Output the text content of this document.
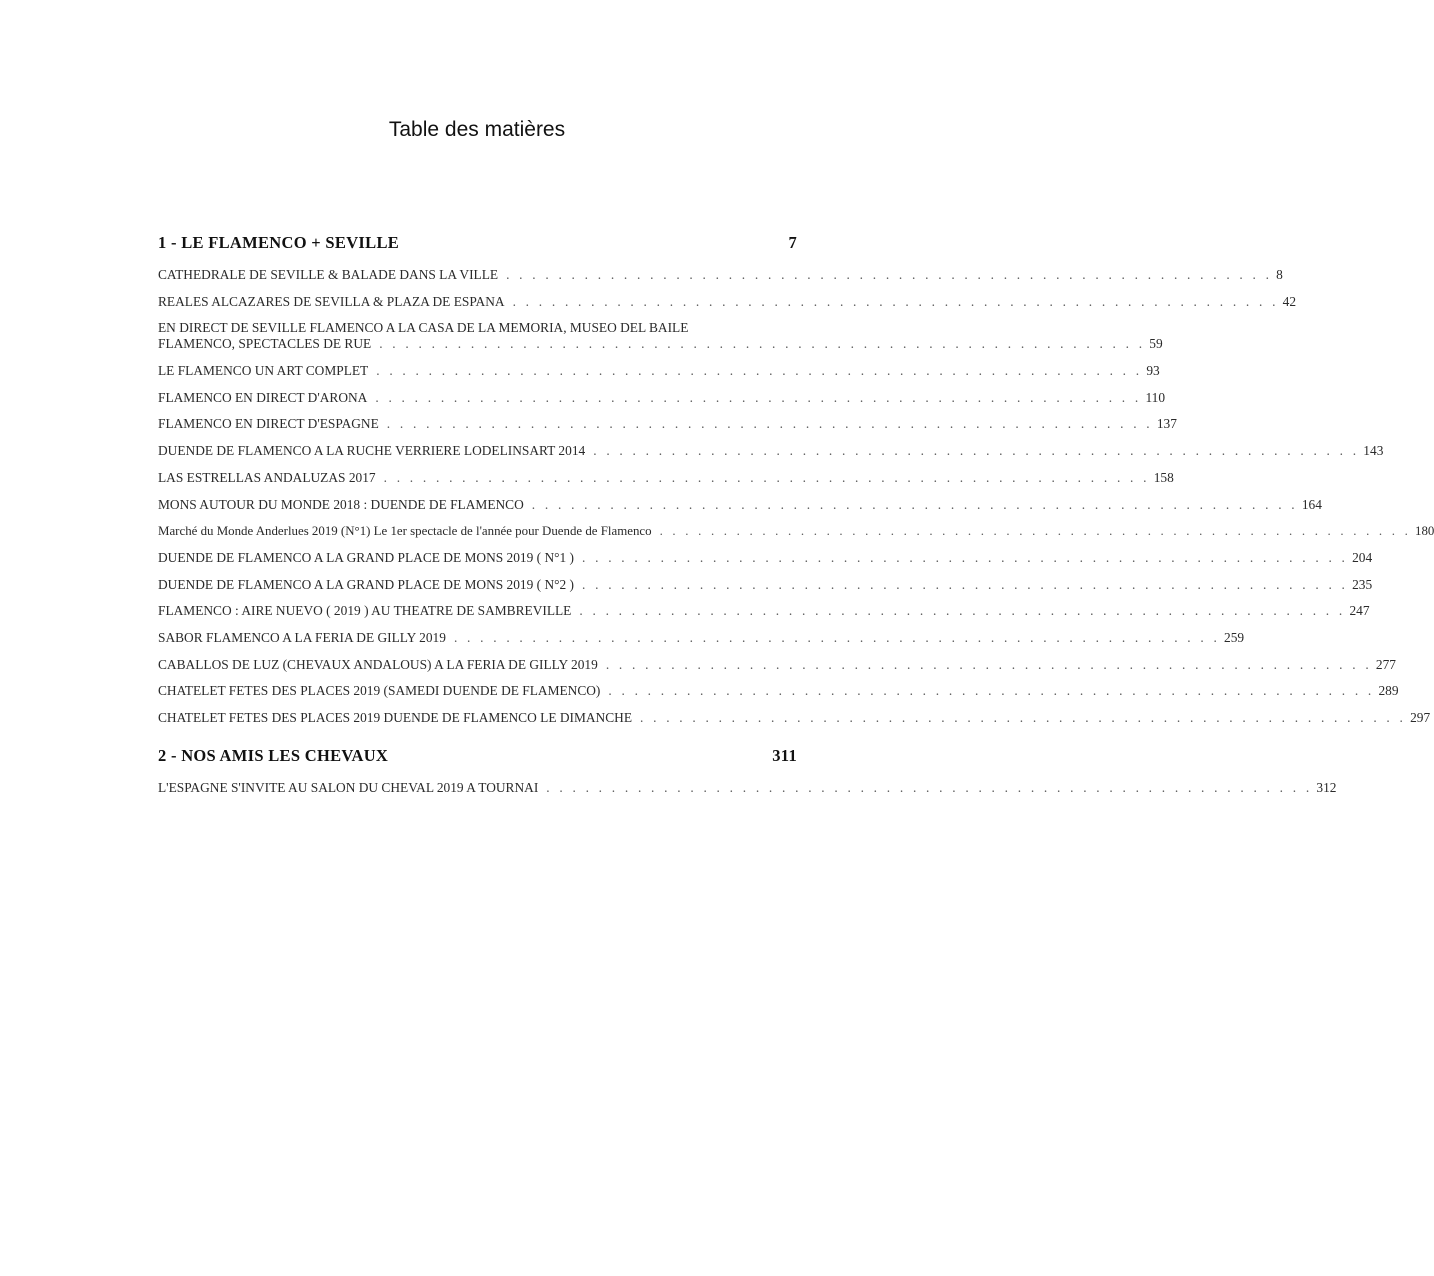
Table des matières
1 - LE FLAMENCO + SEVILLE	7
CATHEDRALE DE SEVILLE & BALADE DANS LA VILLE . . . . . . . . . . . . . . . . . . . . . . . . . . . . . . . . . . . . . . . . . . . . . . . . . . . . . . . . . . . 8
REALES ALCAZARES DE SEVILLA & PLAZA DE ESPANA . . . . . . . . . . . . . . . . . . . . . . . . . . . . . . . . . . . . . . . . . . . . . . . . . . . . . . . . . . . 42
EN DIRECT DE SEVILLE FLAMENCO A LA CASA DE LA MEMORIA, MUSEO DEL BAILE
FLAMENCO, SPECTACLES DE RUE . . . . . . . . . . . . . . . . . . . . . . . . . . . . . . . . . . . . . . . . . . . . . . . . . . . . . . . . . . . 59
LE FLAMENCO UN ART COMPLET . . . . . . . . . . . . . . . . . . . . . . . . . . . . . . . . . . . . . . . . . . . . . . . . . . . . . . . . . . . 93
FLAMENCO EN DIRECT D'ARONA . . . . . . . . . . . . . . . . . . . . . . . . . . . . . . . . . . . . . . . . . . . . . . . . . . . . . . . . . . . 110
FLAMENCO EN DIRECT D'ESPAGNE . . . . . . . . . . . . . . . . . . . . . . . . . . . . . . . . . . . . . . . . . . . . . . . . . . . . . . . . . . . 137
DUENDE DE FLAMENCO A LA RUCHE VERRIERE LODELINSART 2014 . . . . . . . . . . . . . . . . . . . . . . . . . . . . . . . . . . . . . . . . . . . . . . . . . . . . . . . . . . . 143
LAS ESTRELLAS ANDALUZAS 2017 . . . . . . . . . . . . . . . . . . . . . . . . . . . . . . . . . . . . . . . . . . . . . . . . . . . . . . . . . . . 158
MONS AUTOUR DU MONDE 2018 : DUENDE DE FLAMENCO . . . . . . . . . . . . . . . . . . . . . . . . . . . . . . . . . . . . . . . . . . . . . . . . . . . . . . . . . . . 164
Marché du Monde Anderlues 2019 (N°1) Le 1er spectacle de l'année pour Duende de Flamenco . . . . . . . . . . . . . . . . . . . . . . . . . . . . . . . . . . . . . . . . . . . . . . . . . . . . . . . . . . . 180
DUENDE DE FLAMENCO A LA GRAND PLACE DE MONS 2019 ( N°1 ) . . . . . . . . . . . . . . . . . . . . . . . . . . . . . . . . . . . . . . . . . . . . . . . . . . . . . . . . . . . 204
DUENDE DE FLAMENCO A LA GRAND PLACE DE MONS 2019 ( N°2 ) . . . . . . . . . . . . . . . . . . . . . . . . . . . . . . . . . . . . . . . . . . . . . . . . . . . . . . . . . . . 235
FLAMENCO : AIRE NUEVO ( 2019 ) AU THEATRE DE SAMBREVILLE . . . . . . . . . . . . . . . . . . . . . . . . . . . . . . . . . . . . . . . . . . . . . . . . . . . . . . . . . . . 247
SABOR FLAMENCO A LA FERIA DE GILLY 2019 . . . . . . . . . . . . . . . . . . . . . . . . . . . . . . . . . . . . . . . . . . . . . . . . . . . . . . . . . . . 259
CABALLOS DE LUZ (CHEVAUX ANDALOUS) A LA FERIA DE GILLY 2019 . . . . . . . . . . . . . . . . . . . . . . . . . . . . . . . . . . . . . . . . . . . . . . . . . . . . . . . . . . . 277
CHATELET FETES DES PLACES 2019 (SAMEDI DUENDE DE FLAMENCO) . . . . . . . . . . . . . . . . . . . . . . . . . . . . . . . . . . . . . . . . . . . . . . . . . . . . . . . . . . . 289
CHATELET FETES DES PLACES 2019 DUENDE DE FLAMENCO LE DIMANCHE . . . . . . . . . . . . . . . . . . . . . . . . . . . . . . . . . . . . . . . . . . . . . . . . . . . . . . . . . . . 297
2 - NOS AMIS LES CHEVAUX	311
L'ESPAGNE S'INVITE AU SALON DU CHEVAL 2019 A TOURNAI . . . . . . . . . . . . . . . . . . . . . . . . . . . . . . . . . . . . . . . . . . . . . . . . . . . . . . . . . . . 312
